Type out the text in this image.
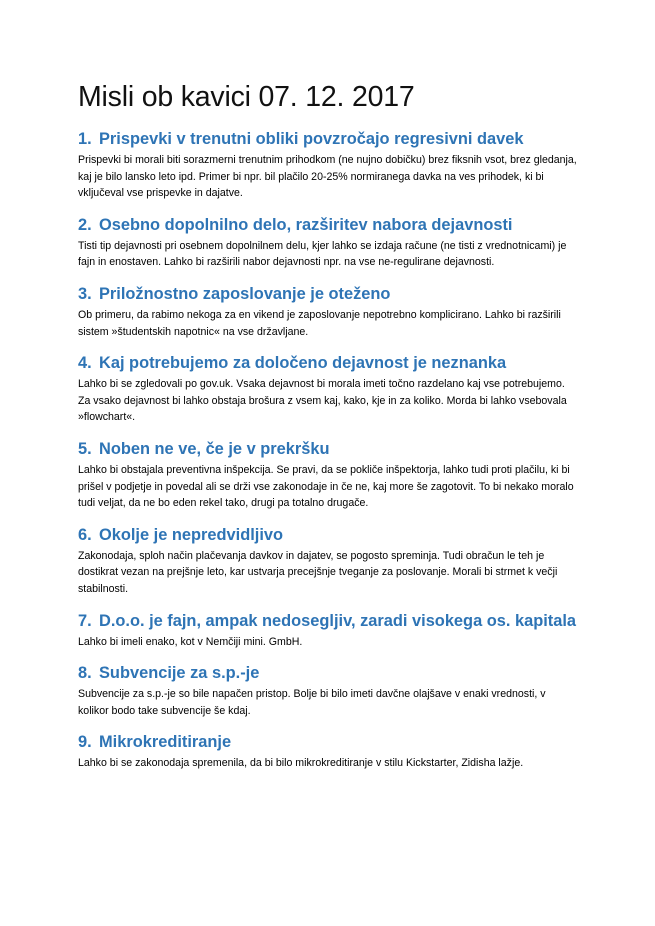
Misli ob kavici 07. 12. 2017
1. Prispevki v trenutni obliki povzročajo regresivni davek

Prispevki bi morali biti sorazmerni trenutnim prihodkom (ne nujno dobičku) brez fiksnih vsot, brez gledanja, kaj je bilo lansko leto ipd. Primer bi npr. bil plačilo 20-25% normiranega davka na ves prihodek, ki bi vključeval vse prispevke in dajatve.

2. Osebno dopolnilno delo, razširitev nabora dejavnosti

Tisti tip dejavnosti pri osebnem dopolnilnem delu, kjer lahko se izdaja račune (ne tisti z vrednotnicami) je fajn in enostaven. Lahko bi razširili nabor dejavnosti npr. na vse ne-regulirane dejavnosti.

3. Priložnostno zaposlovanje je oteženo

Ob primeru, da rabimo nekoga za en vikend je zaposlovanje nepotrebno komplicirano. Lahko bi razširili sistem »študentskih napotnic« na vse državljane.

4. Kaj potrebujemo za določeno dejavnost je neznanka

Lahko bi se zgledovali po gov.uk. Vsaka dejavnost bi morala imeti točno razdelano kaj vse potrebujemo. Za vsako dejavnost bi lahko obstaja brošura z vsem kaj, kako, kje in za koliko. Morda bi lahko vsebovala »flowchart«.

5. Noben ne ve, če je v prekršku

Lahko bi obstajala preventivna inšpekcija. Se pravi, da se pokliče inšpektorja, lahko tudi proti plačilu, ki bi prišel v podjetje in povedal ali se drži vse zakonodaje in če ne, kaj more še zagotovit. To bi nekako moralo tudi veljat, da ne bo eden rekel tako, drugi pa totalno drugače.

6. Okolje je nepredvidljivo

Zakonodaja, sploh način plačevanja davkov in dajatev, se pogosto spreminja. Tudi obračun le teh je dostikrat vezan na prejšnje leto, kar ustvarja precejšnje tveganje za poslovanje. Morali bi strmet k večji stabilnosti.

7. D.o.o. je fajn, ampak nedosegljiv, zaradi visokega os. kapitala

Lahko bi imeli enako, kot v Nemčiji mini. GmbH.

8. Subvencije za s.p.-je

Subvencije za s.p.-je so bile napačen pristop. Bolje bi bilo imeti davčne olajšave v enaki vrednosti, v kolikor bodo take subvencije še kdaj.

9. Mikrokreditiranje

Lahko bi se zakonodaja spremenila, da bi bilo mikrokreditiranje v stilu Kickstarter, Zidisha lažje.
